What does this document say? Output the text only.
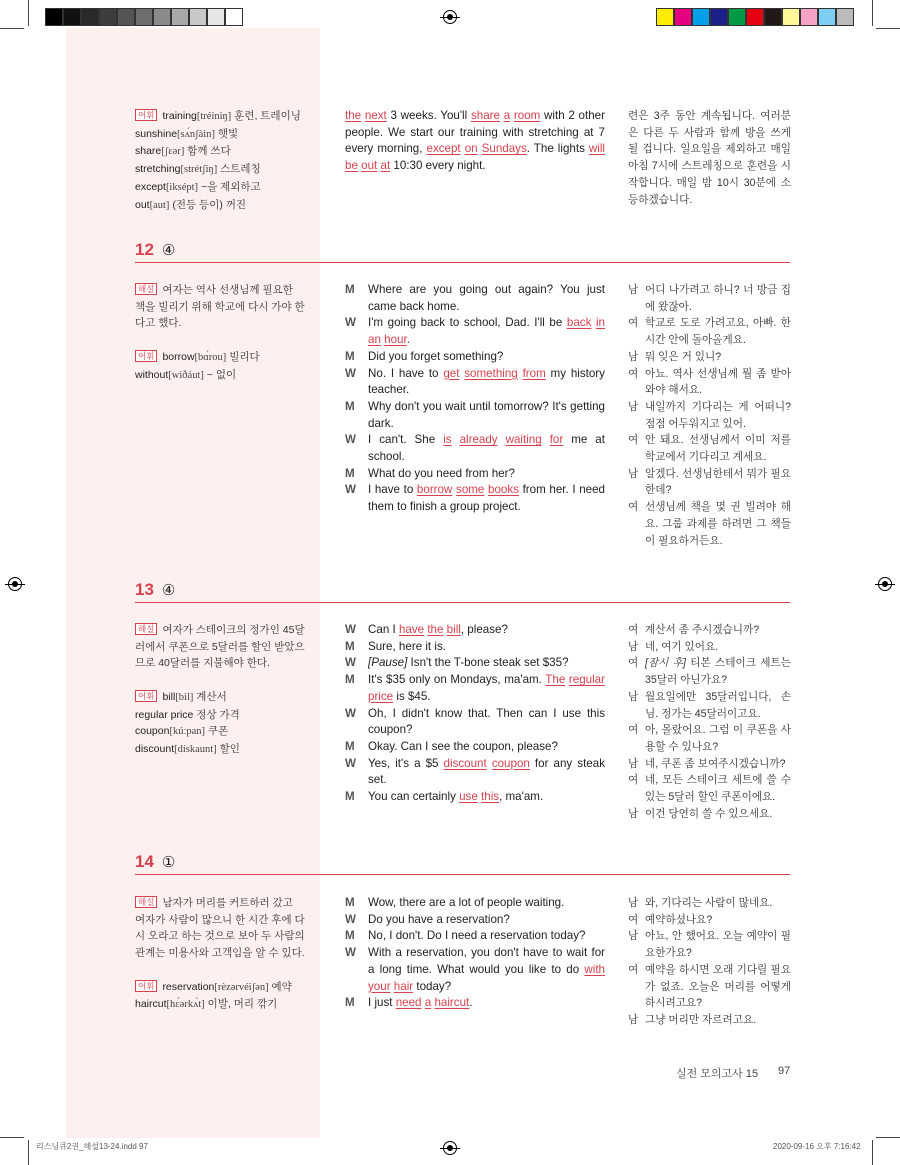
어휘 training[tréiniŋ] 훈련, 트레이닝

sunshine[sʌ́nʃàin] 햇빛

share[ʃɛər] 함께 쓰다

stretching[strétʃiŋ] 스트레칭

except[iksépt] ~을 제외하고

out[aut] (전등 등이) 꺼진

the next 3 weeks. You'll share a room with 2 other people. We start our training with stretching at 7 every morning, except on Sundays. The lights will be out at 10:30 every night.
련은 3주 동안 계속됩니다. 여러분은 다른 두 사람과 함께 방을 쓰게 될 겁니다. 일요일을 제외하고 매일 아침 7시에 스트레칭으로 훈련을 시작합니다. 매일 밤 10시 30분에 소등하겠습니다.
12 ④

해설 여자는 역사 선생님께 필요한 책을 빌리기 위해 학교에 다시 가야 한다고 했다.

어휘 borrow[bɑ́rou] 빌리다

without[wiðáut] ~ 없이

M	Where are you going out again? You just came back home.
W	I'm going back to school, Dad. I'll be back in an hour.
M	Did you forget something?
W	No. I have to get something from my history teacher.
M	Why don't you wait until tomorrow? It's getting dark.
W	I can't. She is already waiting for me at school.
M	What do you need from her?
W	I have to borrow some books from her. I need them to finish a group project.
남 어디 나가려고 하니? 너 방금 집에 왔잖아.
여 학교로 도로 가려고요, 아빠. 한 시간 안에 돌아올게요.
남 뭐 잊은 거 있니?
여 아뇨. 역사 선생님께 뭘 좀 받아와야 해서요.
남 내일까지 기다리는 게 어떠니? 점점 어두워지고 있어.
여 안 돼요. 선생님께서 이미 저를 학교에서 기다리고 계세요.
남 알겠다. 선생님한테서 뭐가 필요한데?
여 선생님께 책을 몇 권 빌려야 해요. 그룹 과제를 하려면 그 책들이 필요하거든요.
13 ④

해설 여자가 스테이크의 정가인 45달러에서 쿠폰으로 5달러를 할인 받았으므로 40달러를 지불해야 한다.

어휘 bill[bil] 계산서

regular price 정상 가격

coupon[kúːpan] 쿠폰

discount[dískaunt] 할인

W	Can I have the bill, please?
M	Sure, here it is.
W	[Pause] Isn't the T-bone steak set $35?
M	It's $35 only on Mondays, ma'am. The regular price is $45.
W	Oh, I didn't know that. Then can I use this coupon?
M	Okay. Can I see the coupon, please?
W	Yes, it's a $5 discount coupon for any steak set.
M	You can certainly use this, ma'am.
여 계산서 좀 주시겠습니까?
남 네, 여기 있어요.
여 [잠시 후] 티본 스테이크 세트는 35달러 아닌가요?
남 월요일에만 35달러입니다, 손님. 정가는 45달러이고요.
여 아, 몰랐어요. 그럼 이 쿠폰을 사용할 수 있나요?
남 네, 쿠폰 좀 보여주시겠습니까?
여 네, 모든 스테이크 세트에 쓸 수 있는 5달러 할인 쿠폰이에요.
남 이건 당연히 쓸 수 있으세요.
14 ①

해설 남자가 머리를 커트하러 갔고 여자가 사람이 많으니 한 시간 후에 다시 오라고 하는 것으로 보아 두 사람의 관계는 미용사와 고객임을 알 수 있다.

어휘 reservation[rèzərvéiʃən] 예약

haircut[hɛ́ərkʌ̀t] 이발, 머리 깎기

M	Wow, there are a lot of people waiting.
W	Do you have a reservation?
M	No, I don't. Do I need a reservation today?
W	With a reservation, you don't have to wait for a long time. What would you like to do with your hair today?
M	I just need a haircut.
남 와, 기다리는 사람이 많네요.
여 예약하셨나요?
남 아뇨, 안 했어요. 오늘 예약이 필요한가요?
여 예약을 하시면 오래 기다릴 필요가 없죠. 오늘은 머리를 어떻게 하시려고요?
남 그냥 머리만 자르려고요.
실전 모의고사 15 97
리스닝큐2권_해설13-24.indd 97	2020-09-16 오후 7:16:42
